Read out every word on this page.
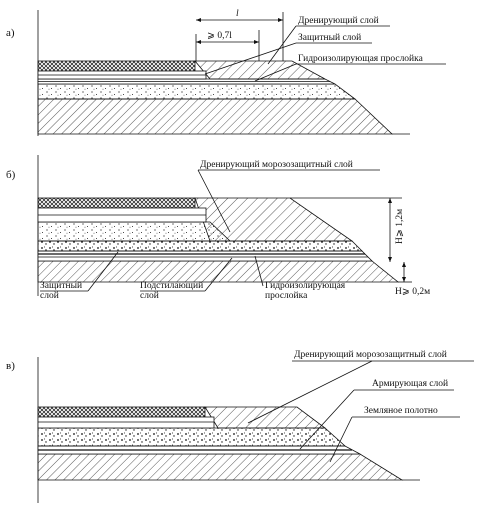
а)
l
⩾ 0,7l
Дренирующий слой
Защитный слой
Гидроизолирующая прослойка
б)
H⩾ 1,2м
H⩾ 0,2м
Дренирующий морозозащитный слой
Защитный
слой
Подстилающий
слой
Гидроизолирующая
прослойка
в)
Дренирующий морозозащитный слой
Армирующая слой
Земляное полотно
